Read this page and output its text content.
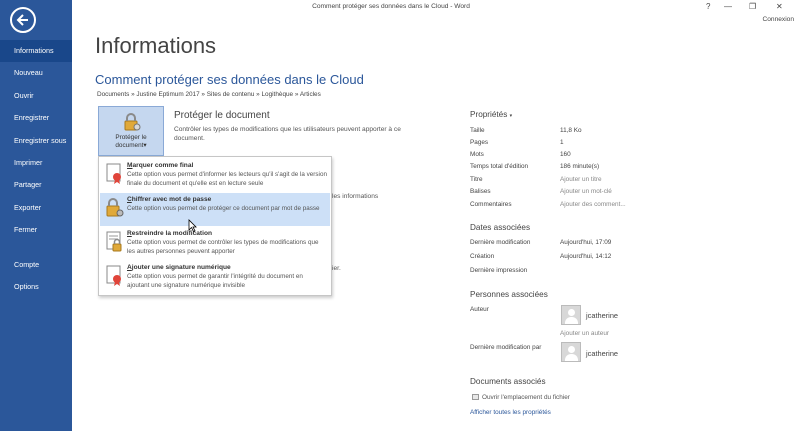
Informations
Nouveau
Ouvrir
Enregistrer
Enregistrer sous
Imprimer
Partager
Exporter
Fermer
Compte
Options
Comment protéger ses données dans le Cloud - Word	? — ❐ ✕
Connexion
Informations
Comment protéger ses données dans le Cloud
Documents » Justine Eptimum 2017 » Sites de contenu » Logithèque » Articles
Protéger le
document▾
Protéger le document
Contrôler les types de modifications que les utilisateurs peuvent apporter à ce document.
les informations
ier.
Marquer comme final
Cette option vous permet d'informer les lecteurs qu'il s'agit de la version finale du document et qu'elle est en lecture seule
Chiffrer avec mot de passe
Cette option vous permet de protéger ce document par mot de passe
Restreindre la modification
Cette option vous permet de contrôler les types de modifications que les autres personnes peuvent apporter
Ajouter une signature numérique
Cette option vous permet de garantir l'intégrité du document en ajoutant une signature numérique invisible
Propriétés ▾
Taille	11,8 Ko
Pages	1
Mots	160
Temps total d'édition	186 minute(s)
Titre	Ajouter un titre
Balises	Ajouter un mot-clé
Commentaires	Ajouter des comment...
Dates associées
Dernière modification	Aujourd'hui, 17:09
Création	Aujourd'hui, 14:12
Dernière impression
Personnes associées
Auteur
jcatherine
Ajouter un auteur
Dernière modification par
jcatherine
Documents associés
Ouvrir l'emplacement du fichier
Afficher toutes les propriétés
